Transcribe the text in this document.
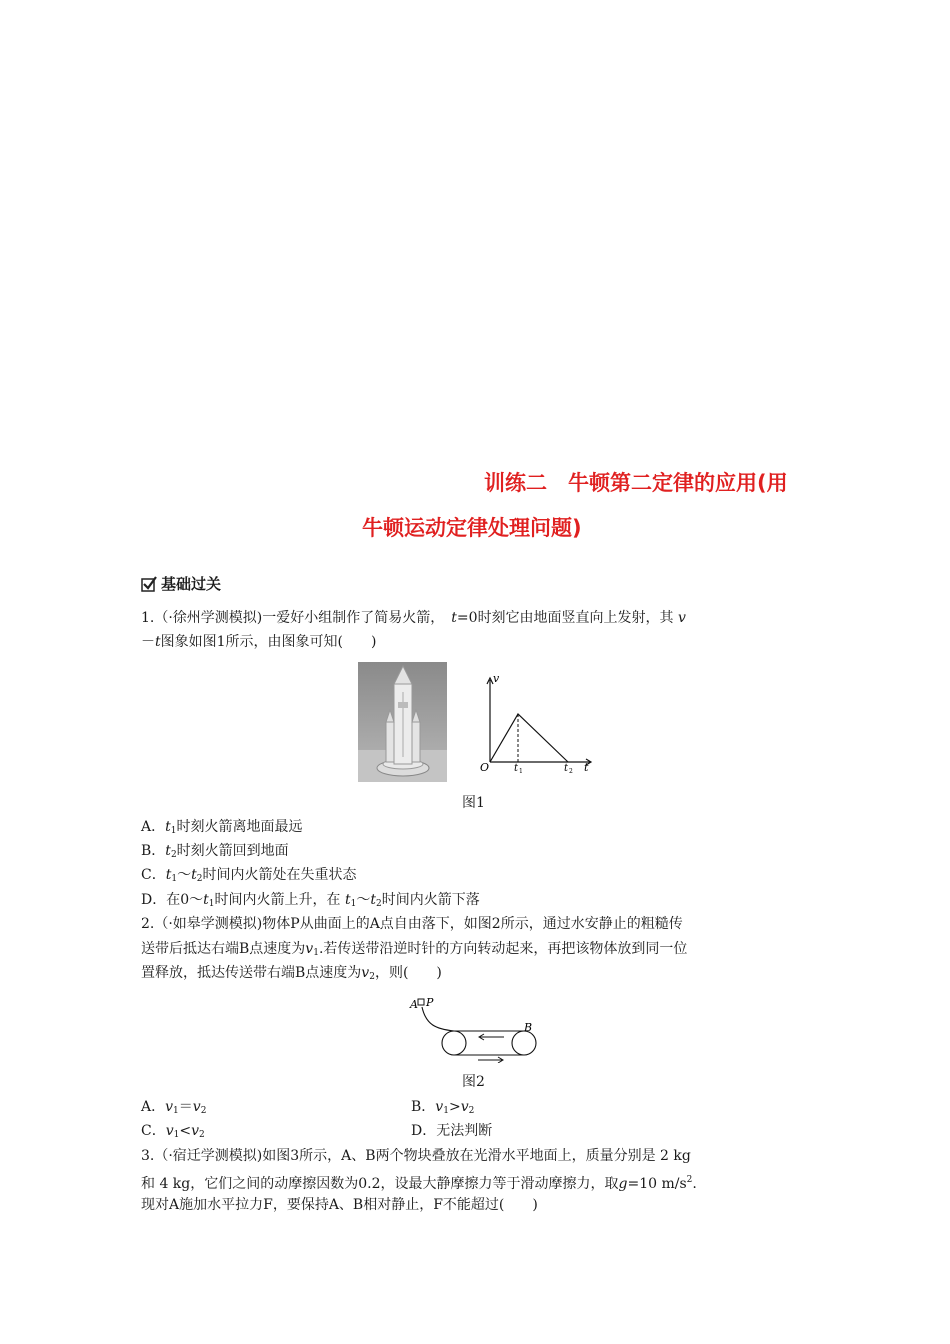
训练二　牛顿第二定律的应用(用
牛顿运动定律处理问题)
基础过关
1.（·徐州学测模拟)一爱好小组制作了简易火箭，　 t=0时刻它由地面竖直向上发射，其 v
－t图象如图1所示，由图象可知(　　)
v
O t 1	t 2 t
图1
A．$t_1$时刻火箭离地面最远
B．$t_2$时刻火箭回到地面
C．$t_1\sim t_2$时间内火箭处在失重状态
D．在$0\sim t_1$时间内火箭上升，在 $t_1\sim t_2$时间内火箭下落
2.（·如皋学测模拟)物体P从曲面上的A点自由落下，如图2所示，通过水安静止的粗糙传
送带后抵达右端B点速度为$v_1$.若传送带沿逆时针的方向转动起来，再把该物体放到同一位
置释放，抵达传送带右端B点速度为$v_2$，则(　　)
A P
B
图2
A．$v_1=v_2$	B．$v_1>v_2$
C．$v_1<v_2$	D．无法判断
3.（·宿迁学测模拟)如图3所示，A、B两个物块叠放在光滑水平地面上，质量分别是 2 kg
和 4 kg，它们之间的动摩擦因数为0.2，设最大静摩擦力等于滑动摩擦力，取g=10 $m/s^2$.
现对A施加水平拉力F，要保持A、B相对静止，F不能超过(　　)
